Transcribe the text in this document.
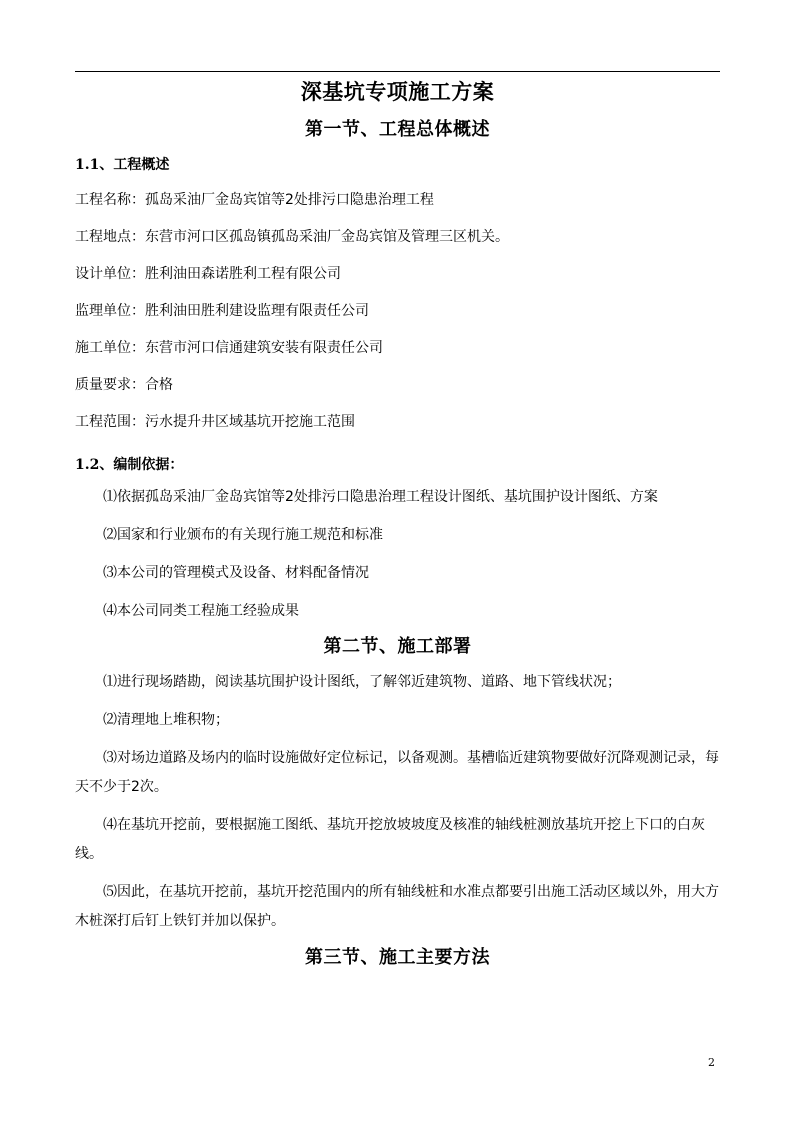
深基坑专项施工方案
第一节、工程总体概述
1.1、工程概述

工程名称：孤岛采油厂金岛宾馆等2处排污口隐患治理工程

工程地点：东营市河口区孤岛镇孤岛采油厂金岛宾馆及管理三区机关。

设计单位：胜利油田森诺胜利工程有限公司

监理单位：胜利油田胜利建设监理有限责任公司

施工单位：东营市河口信通建筑安装有限责任公司

质量要求：合格

工程范围：污水提升井区域基坑开挖施工范围

1.2、编制依据：

⑴依据孤岛采油厂金岛宾馆等2处排污口隐患治理工程设计图纸、基坑围护设计图纸、方案

⑵国家和行业颁布的有关现行施工规范和标准

⑶本公司的管理模式及设备、材料配备情况

⑷本公司同类工程施工经验成果

第二节、施工部署

⑴进行现场踏勘，阅读基坑围护设计图纸，了解邻近建筑物、道路、地下管线状况；

⑵清理地上堆积物；

⑶对场边道路及场内的临时设施做好定位标记，以备观测。基槽临近建筑物要做好沉降观测记录，每天不少于2次。

⑷在基坑开挖前，要根据施工图纸、基坑开挖放坡坡度及核准的轴线桩测放基坑开挖上下口的白灰线。

⑸因此，在基坑开挖前，基坑开挖范围内的所有轴线桩和水准点都要引出施工活动区域以外，用大方木桩深打后钉上铁钉并加以保护。

第三节、施工主要方法
2
